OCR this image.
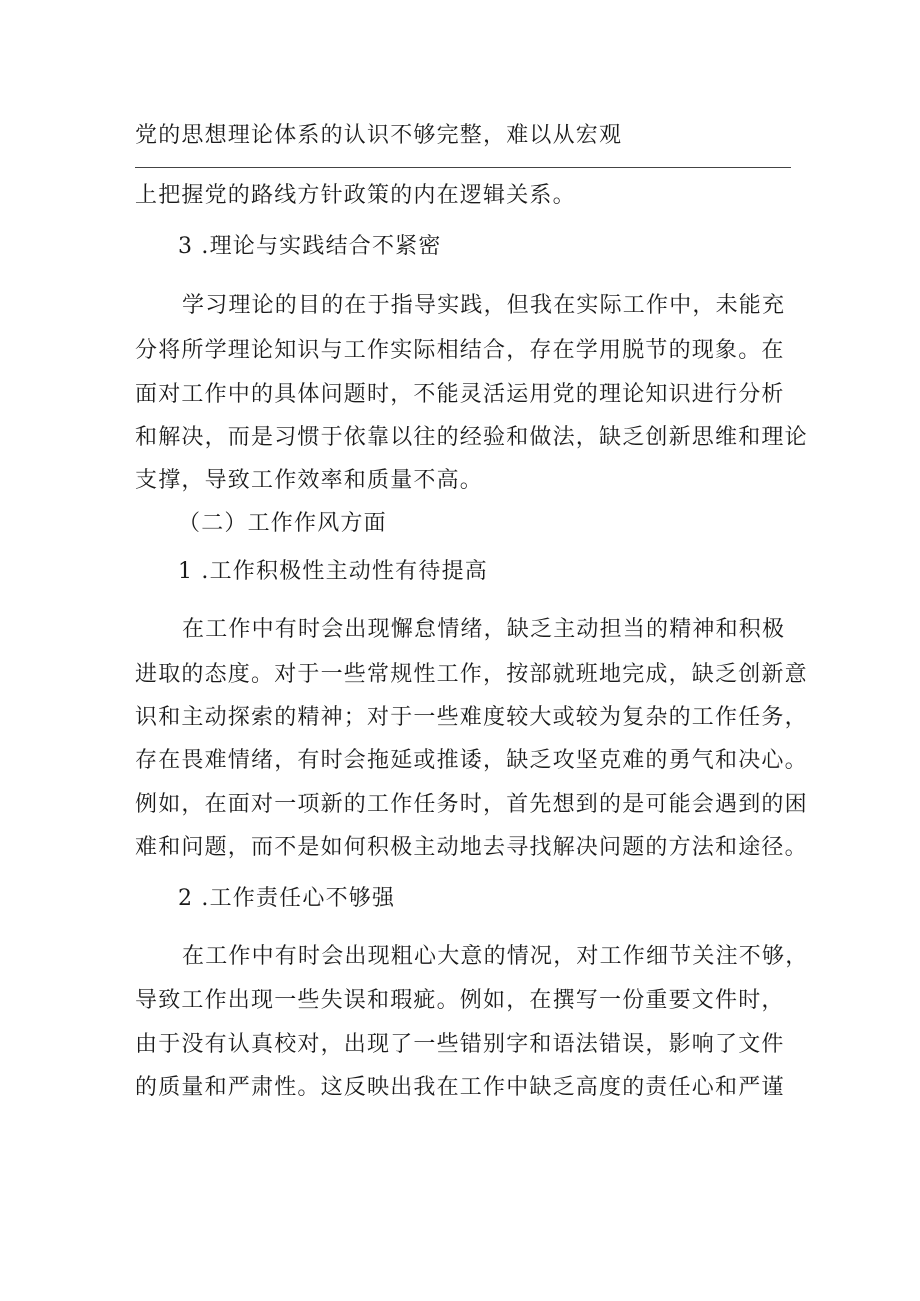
党的思想理论体系的认识不够完整，难以从宏观
上把握党的路线方针政策的内在逻辑关系。
3 .理论与实践结合不紧密
学习理论的目的在于指导实践，但我在实际工作中，未能充
分将所学理论知识与工作实际相结合，存在学用脱节的现象。在
面对工作中的具体问题时，不能灵活运用党的理论知识进行分析
和解决，而是习惯于依靠以往的经验和做法，缺乏创新思维和理论
支撑，导致工作效率和质量不高。
（二）工作作风方面
1 .工作积极性主动性有待提高
在工作中有时会出现懈怠情绪，缺乏主动担当的精神和积极
进取的态度。对于一些常规性工作，按部就班地完成，缺乏创新意
识和主动探索的精神；对于一些难度较大或较为复杂的工作任务，
存在畏难情绪，有时会拖延或推诿，缺乏攻坚克难的勇气和决心。
例如，在面对一项新的工作任务时，首先想到的是可能会遇到的困
难和问题，而不是如何积极主动地去寻找解决问题的方法和途径。
2 .工作责任心不够强
在工作中有时会出现粗心大意的情况，对工作细节关注不够，
导致工作出现一些失误和瑕疵。例如，在撰写一份重要文件时，
由于没有认真校对，出现了一些错别字和语法错误，影响了文件
的质量和严肃性。这反映出我在工作中缺乏高度的责任心和严谨
